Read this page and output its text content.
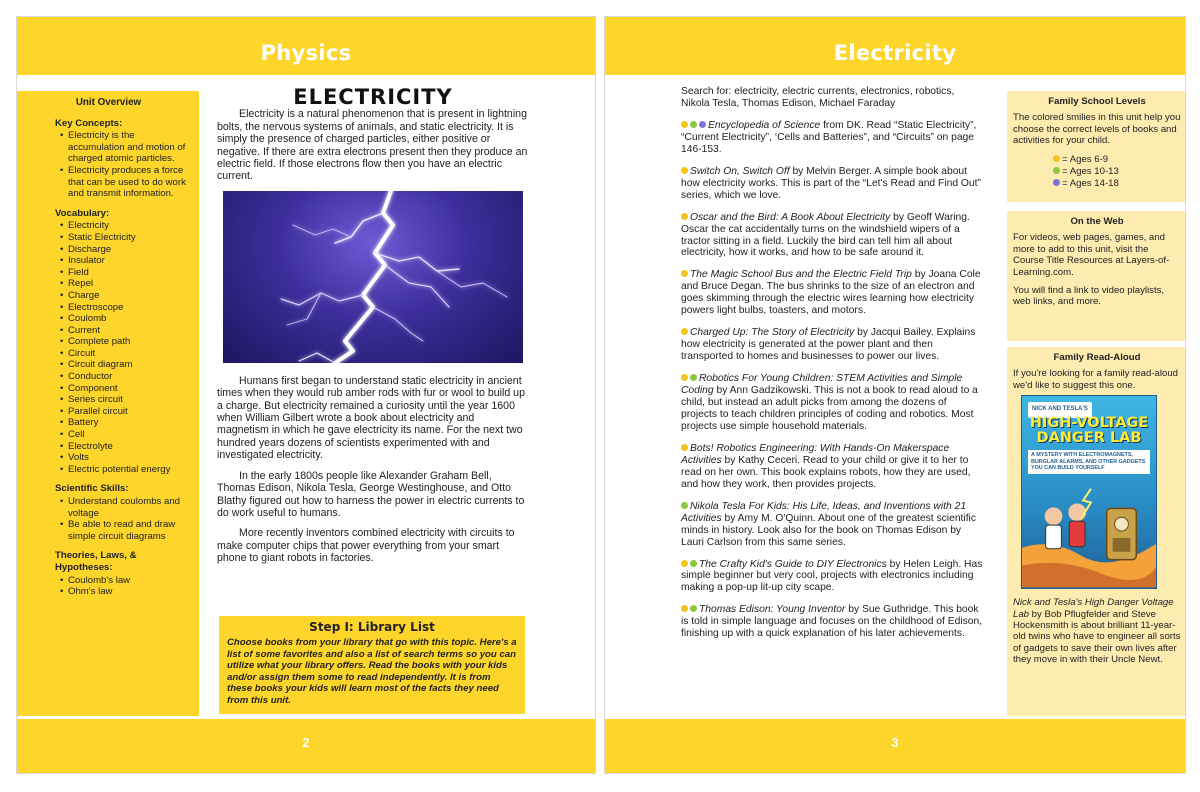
Physics
Unit Overview
Key Concepts:
• Electricity is the accumulation and motion of charged atomic particles.
• Electricity produces a force that can be used to do work and transmit information.
Vocabulary:
• Electricity
• Static Electricity
• Discharge
• Insulator
• Field
• Repel
• Charge
• Electroscope
• Coulomb
• Current
• Complete path
• Circuit
• Circuit diagram
• Conductor
• Component
• Series circuit
• Parallel circuit
• Battery
• Cell
• Electrolyte
• Volts
• Electric potential energy
Scientific Skills:
• Understand coulombs and voltage
• Be able to read and draw simple circuit diagrams
Theories, Laws, & Hypotheses:
• Coulomb's law
• Ohm's law
ELECTRICITY

Electricity is a natural phenomenon that is present in lightning bolts, the nervous systems of animals, and static electricity. It is simply the presence of charged particles, either positive or negative. If there are extra electrons present then they produce an electric field. If those electrons flow then you have an electric current.

Humans first began to understand static electricity in ancient times when they would rub amber rods with fur or wool to build up a charge. But electricity remained a curiosity until the year 1600 when William Gilbert wrote a book about electricity and magnetism in which he gave electricity its name. For the next two hundred years dozens of scientists experimented with and investigated electricity.

In the early 1800s people like Alexander Graham Bell, Thomas Edison, Nikola Tesla, George Westinghouse, and Otto Blathy figured out how to harness the power in electric currents to do work useful to humans.

More recently inventors combined electricity with circuits to make computer chips that power everything from your smart phone to giant robots in factories.

Step I: Library List
Choose books from your library that go with this topic. Here's a list of some favorites and also a list of search terms so you can utilize what your library offers. Read the books with your kids and/or assign them some to read independently. It is from these books your kids will learn most of the facts they need from this unit.
2
Electricity
Search for: electricity, electric currents, electronics, robotics, Nikola Tesla, Thomas Edison, Michael Faraday
Encyclopedia of Science from DK. Read “Static Electricity”, “Current Electricity”, ‘Cells and Batteries”, and “Circuits” on page 146-153.
Switch On, Switch Off by Melvin Berger. A simple book about how electricity works. This is part of the “Let's Read and Find Out” series, which we love.
Oscar and the Bird: A Book About Electricity by Geoff Waring. Oscar the cat accidentally turns on the windshield wipers of a tractor sitting in a field. Luckily the bird can tell him all about electricity, how it works, and how to be safe around it.
The Magic School Bus and the Electric Field Trip by Joana Cole and Bruce Degan. The bus shrinks to the size of an electron and goes skimming through the electric wires learning how electricity powers light bulbs, toasters, and motors.
Charged Up: The Story of Electricity by Jacqui Bailey. Explains how electricity is generated at the power plant and then transported to homes and businesses to power our lives.
Robotics For Young Children: STEM Activities and Simple Coding by Ann Gadzikowski. This is not a book to read aloud to a child, but instead an adult picks from among the dozens of projects to teach children principles of coding and robotics. Most projects use simple household materials.
Bots! Robotics Engineering: With Hands-On Makerspace Activities by Kathy Ceceri. Read to your child or give it to her to read on her own. This book explains robots, how they are used, and how they work, then provides projects.
Nikola Tesla For Kids: His Life, Ideas, and Inventions with 21 Activities by Amy M. O'Quinn. About one of the greatest scientific minds in history. Look also for the book on Thomas Edison by Lauri Carlson from this same series.
The Crafty Kid's Guide to DIY Electronics by Helen Leigh. Has simple beginner but very cool, projects with electronics including making a pop-up lit-up city scape.
Thomas Edison: Young Inventor by Sue Guthridge. This book is told in simple language and focuses on the childhood of Edison, finishing up with a quick explanation of his later achievements.
Family School Levels

The colored smilies in this unit help you choose the correct levels of books and activities for your child.

= Ages 6-9
= Ages 10-13
= Ages 14-18
On the Web

For videos, web pages, games, and more to add to this unit, visit the Course Title Resources at Layers-of-Learning.com.

You will find a link to video playlists, web links, and more.

Family Read-Aloud

If you're looking for a family read-aloud we'd like to suggest this one.

NICK AND TESLA'S
HIGH-VOLTAGE DANGER LAB
A MYSTERY WITH ELECTROMAGNETS, BURGLAR ALARMS, AND OTHER GADGETS YOU CAN BUILD YOURSELF

Nick and Tesla's High Danger Voltage Lab by Bob Pflugfelder and Steve Hockensmith is about brilliant 11-year-old twins who have to engineer all sorts of gadgets to save their own lives after they move in with their Uncle Newt.

3
